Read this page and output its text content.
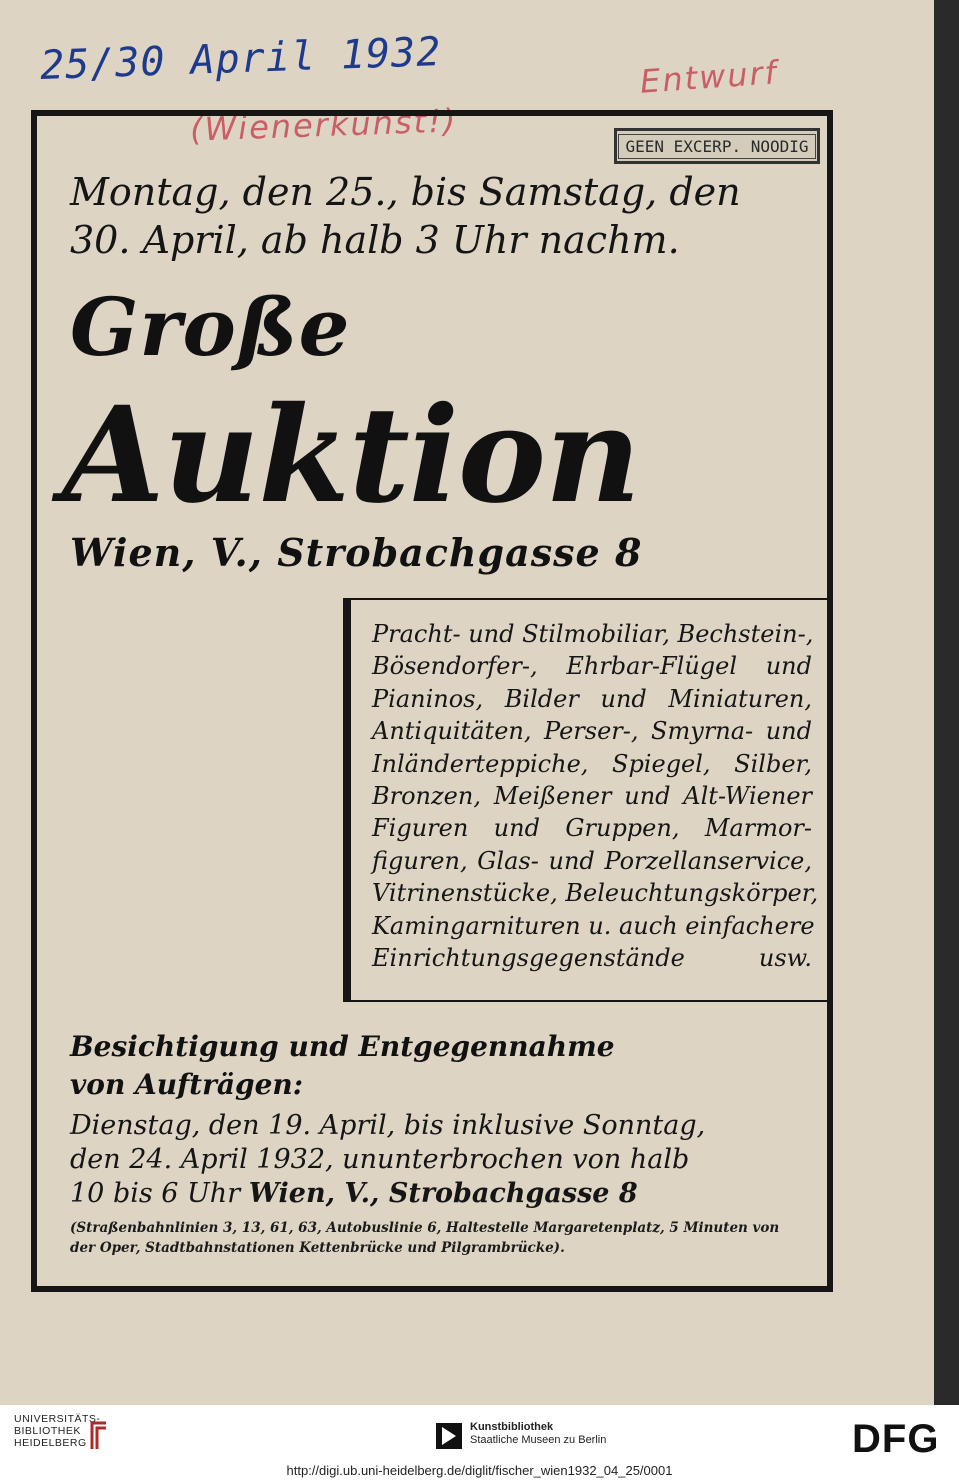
25/30 April 1932	Entwurf
(Wienerkunst!)	GEEN EXCERP. NOODIG
Montag, den 25., bis Samstag, den
30. April, ab halb 3 Uhr nachm.
Große
Auktion
Wien, V., Strobachgasse 8
Pracht- und Stilmobiliar, Bechstein-,
Bösendorfer-, Ehrbar-Flügel und
Pianinos, Bilder und Miniaturen,
Antiquitäten, Perser-, Smyrna- und
Inländerteppiche, Spiegel, Silber,
Bronzen, Meißener und Alt-Wiener
Figuren und Gruppen, Marmor-
figuren, Glas- und Porzellanservice,
Vitrinenstücke, Beleuchtungskörper,
Kamingarnituren u. auch einfachere
Einrichtungsgegenstände usw.
Besichtigung und Entgegennahme
von Aufträgen:
Dienstag, den 19. April, bis inklusive Sonntag,
den 24. April 1932, ununterbrochen von halb
10 bis 6 Uhr Wien, V., Strobachgasse 8
(Straßenbahnlinien 3, 13, 61, 63, Autobuslinie 6, Haltestelle Margaretenplatz, 5 Minuten von
der Oper, Stadtbahnstationen Kettenbrücke und Pilgrambrücke).
UNIVERSITÄTS-
BIBLIOTHEK
HEIDELBERG
Kunstbibliothek
Staatliche Museen zu Berlin	DFG
http://digi.ub.uni-heidelberg.de/diglit/fischer_wien1932_04_25/0001
